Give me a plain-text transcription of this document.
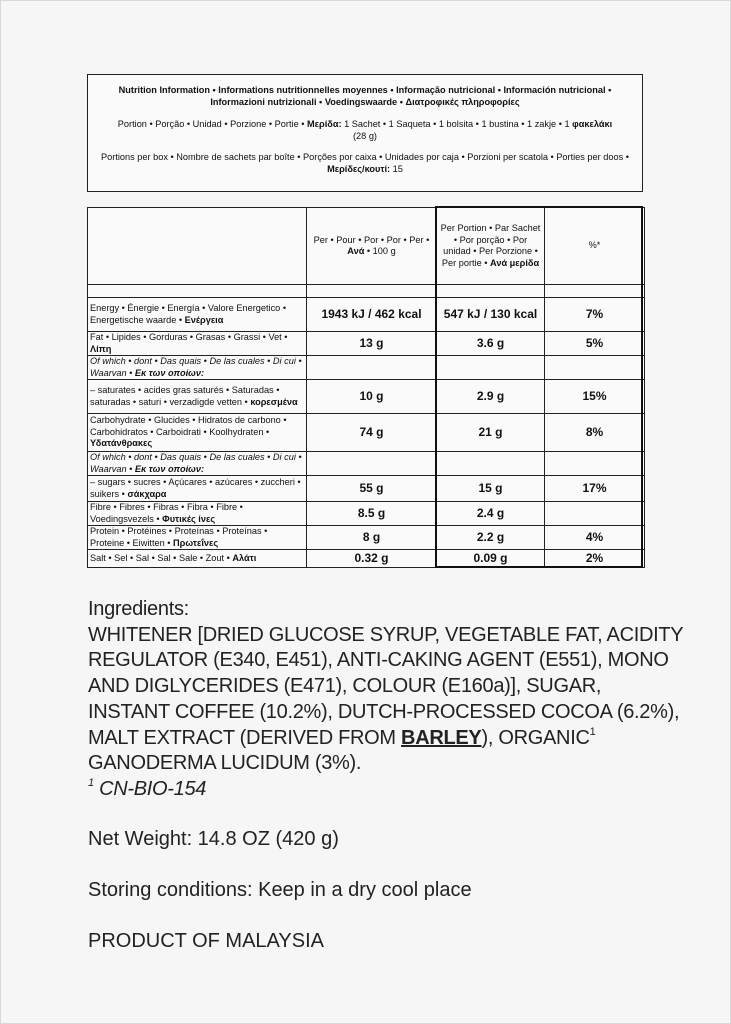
Nutrition Information • Informations nutritionnelles moyennes • Informação nutricional • Información nutricional • Informazioni nutrizionali • Voedingswaarde • Διατροφικές πληροφορίες
Portion • Porção • Unidad • Porzione • Portie • Μερίδα: 1 Sachet • 1 Saqueta • 1 bolsita • 1 bustina • 1 zakje • 1 φακελάκι
(28 g)
Portions per box • Nombre de sachets par boîte • Porções por caixa • Unidades por caja • Porzioni per scatola • Porties per doos • Μερίδες/κουτί: 15
	Per • Pour • Por • Por • Per • Ανά • 100 g	Per Portion • Par Sachet • Por porção • Por unidad • Per Porzione • Per portie • Ανά μερίδα	%*

Energy • Énergie • Energía • Valore Energetico • Energetische waarde • Ενέργεια	1943 kJ / 462 kcal	547 kJ / 130 kcal	7%
Fat • Lipides • Gorduras • Grasas • Grassi • Vet • Λίπη	13 g	3.6 g	5%
Of which • dont • Das quais • De las cuales • Di cui • Waarvan • Εκ των οποίων:			
– saturates • acides gras saturés • Saturadas • saturadas • saturi • verzadigde vetten • κορεσμένα	10 g	2.9 g	15%
Carbohydrate • Glucides • Hidratos de carbono • Carbohidratos • Carboidrati • Koolhydraten • Υδατάνθρακες	74 g	21 g	8%
Of which • dont • Das quais • De las cuales • Di cui • Waarvan • Εκ των οποίων:			
– sugars • sucres • Açúcares • azúcares • zuccheri • suikers • σάκχαρα	55 g	15 g	17%
Fibre • Fibres • Fibras • Fibra • Fibre • Voedingsvezels • Φυτικές ίνες	8.5 g	2.4 g	
Protein • Protéines • Proteínas • Proteínas • Proteine • Eiwitten • Πρωτεΐνες	8 g	2.2 g	4%
Salt • Sel • Sal • Sal • Sale • Zout • Αλάτι	0.32 g	0.09 g	2%

Ingredients:

WHITENER [DRIED GLUCOSE SYRUP, VEGETABLE FAT, ACIDITY REGULATOR (E340, E451), ANTI-CAKING AGENT (E551), MONO AND DIGLYCERIDES (E471), COLOUR (E160a)], SUGAR, INSTANT COFFEE (10.2%), DUTCH-PROCESSED COCOA (6.2%), MALT EXTRACT (DERIVED FROM BARLEY), ORGANIC$^1$ GANODERMA LUCIDUM (3%).

$^1$ CN-BIO-154

Net Weight: 14.8 OZ (420 g)
Storing conditions: Keep in a dry cool place
PRODUCT OF MALAYSIA
